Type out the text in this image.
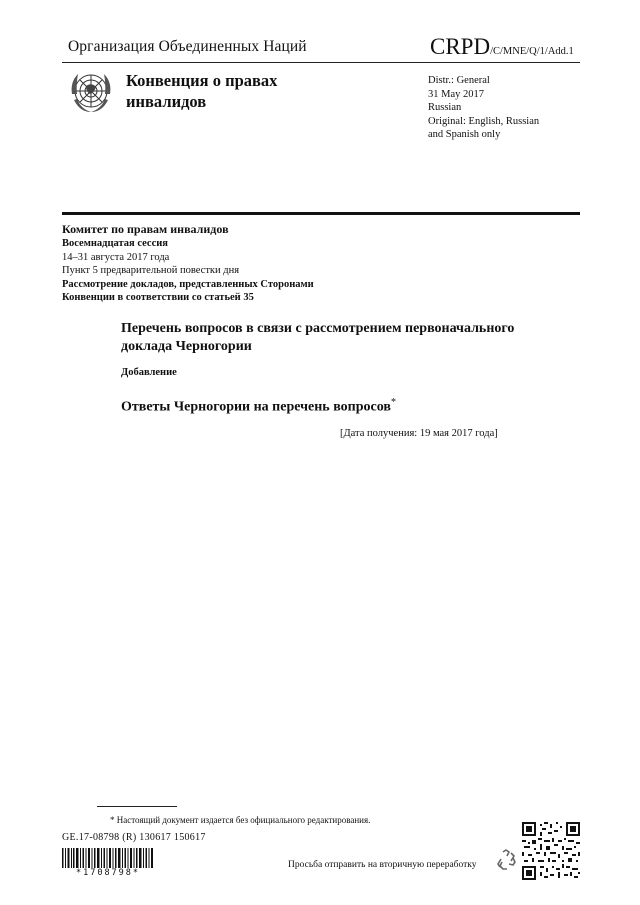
Организация Объединенных Наций	CRPD/C/MNE/Q/1/Add.1
Конвенция о правах инвалидов
Distr.: General
31 May 2017
Russian
Original: English, Russian
and Spanish only
Комитет по правам инвалидов
Восемнадцатая сессия
14–31 августа 2017 года
Пункт 5 предварительной повестки дня
Рассмотрение докладов, представленных Сторонами
Конвенции в соответствии со статьей 35
Перечень вопросов в связи с рассмотрением первоначального доклада Черногории
Добавление
Ответы Черногории на перечень вопросов*
[Дата получения: 19 мая 2017 года]
* Настоящий документ издается без официального редактирования.
GE.17-08798 (R) 130617 150617
*1708798*
Просьба отправить на вторичную переработку
